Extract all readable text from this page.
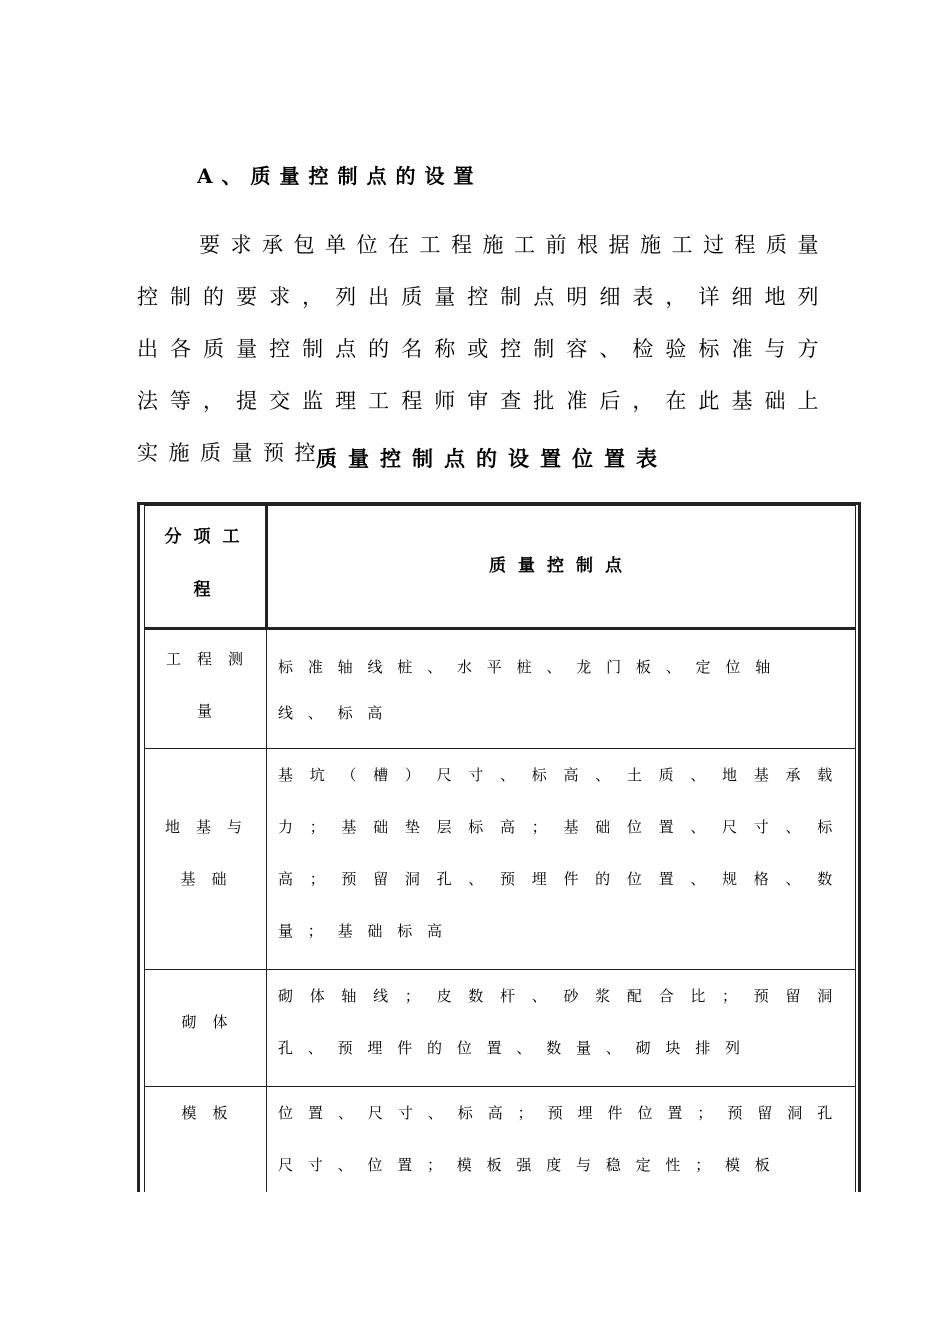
A、质量控制点的设置
要求承包单位在工程施工前根据施工过程质量控制的要求，列出质量控制点明细表，详细地列出各质量控制点的名称或控制容、检验标准与方法等，提交监理工程师审查批准后，在此基础上实施质量预控。
质量控制点的设置位置表
分项工程	质量控制点

工程测量	标准轴线桩、水平桩、龙门板、定位轴线、标高

地基与基础	基坑（槽）尺寸、标高、土质、地基承载力；基础垫层标高；基础位置、尺寸、标高；预留洞孔、预埋件的位置、规格、数量；基础标高

砌体	砌体轴线；皮数杆、砂浆配合比；预留洞孔、预埋件的位置、数量、砌块排列

模板	位置、尺寸、标高；预埋件位置；预留洞孔尺寸、位置；模板强度与稳定性；模板
